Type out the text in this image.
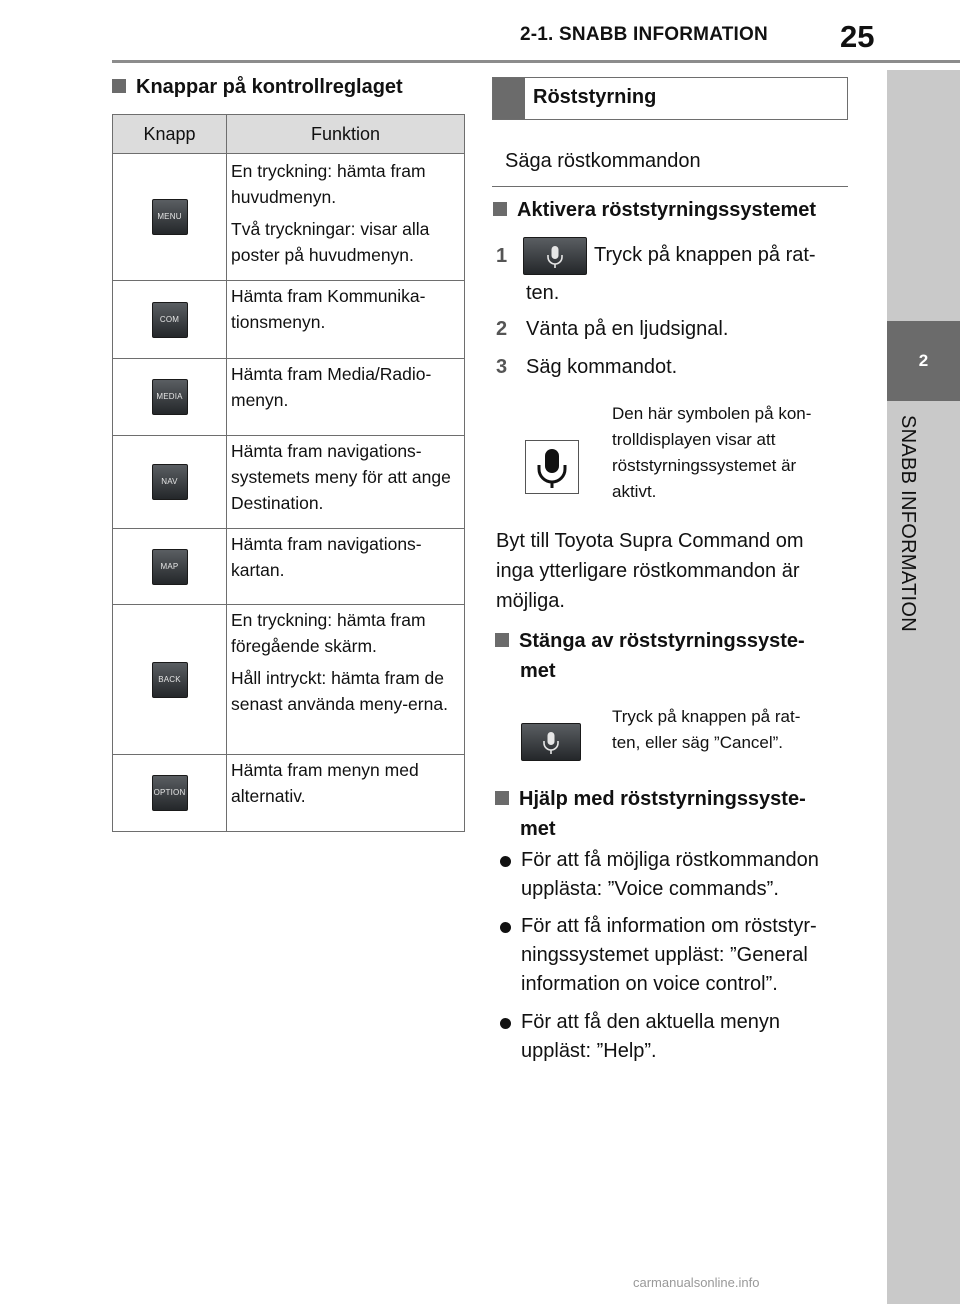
2-1. SNABB INFORMATION 25
2
SNABB INFORMATION
Knappar på kontrollreglaget
Knapp	Funktion
MENU	En tryckning: hämta fram huvudmenyn.

Två tryckningar: visar alla poster på huvudmenyn.

COM	Hämta fram Kommunika-tionsmenyn.

MEDIA	Hämta fram Media/Radio-menyn.

NAV	Hämta fram navigations-systemets meny för att ange Destination.

MAP	Hämta fram navigations-kartan.

BACK	En tryckning: hämta fram föregående skärm.

Håll intryckt: hämta fram de senast använda meny-erna.

OPTION	Hämta fram menyn med alternativ.

Röststyrning
Säga röstkommandon
Aktivera röststyrningssystemet
1	Tryck på knappen på rat-
ten.
2 Vänta på en ljudsignal.
3 Säg kommandot.
Den här symbolen på kon-
trolldisplayen visar att
röststyrningssystemet är
aktivt.
Byt till Toyota Supra Command om
inga ytterligare röstkommandon är
möjliga.
Stänga av röststyrningssyste-
met
Tryck på knappen på rat-
ten, eller säg ”Cancel”.
Hjälp med röststyrningssyste-
met
För att få möjliga röstkommandon
upplästa: ”Voice commands”.
För att få information om röststyr-
ningssystemet uppläst: ”General
information on voice control”.
För att få den aktuella menyn
uppläst: ”Help”.
carmanualsonline.info
